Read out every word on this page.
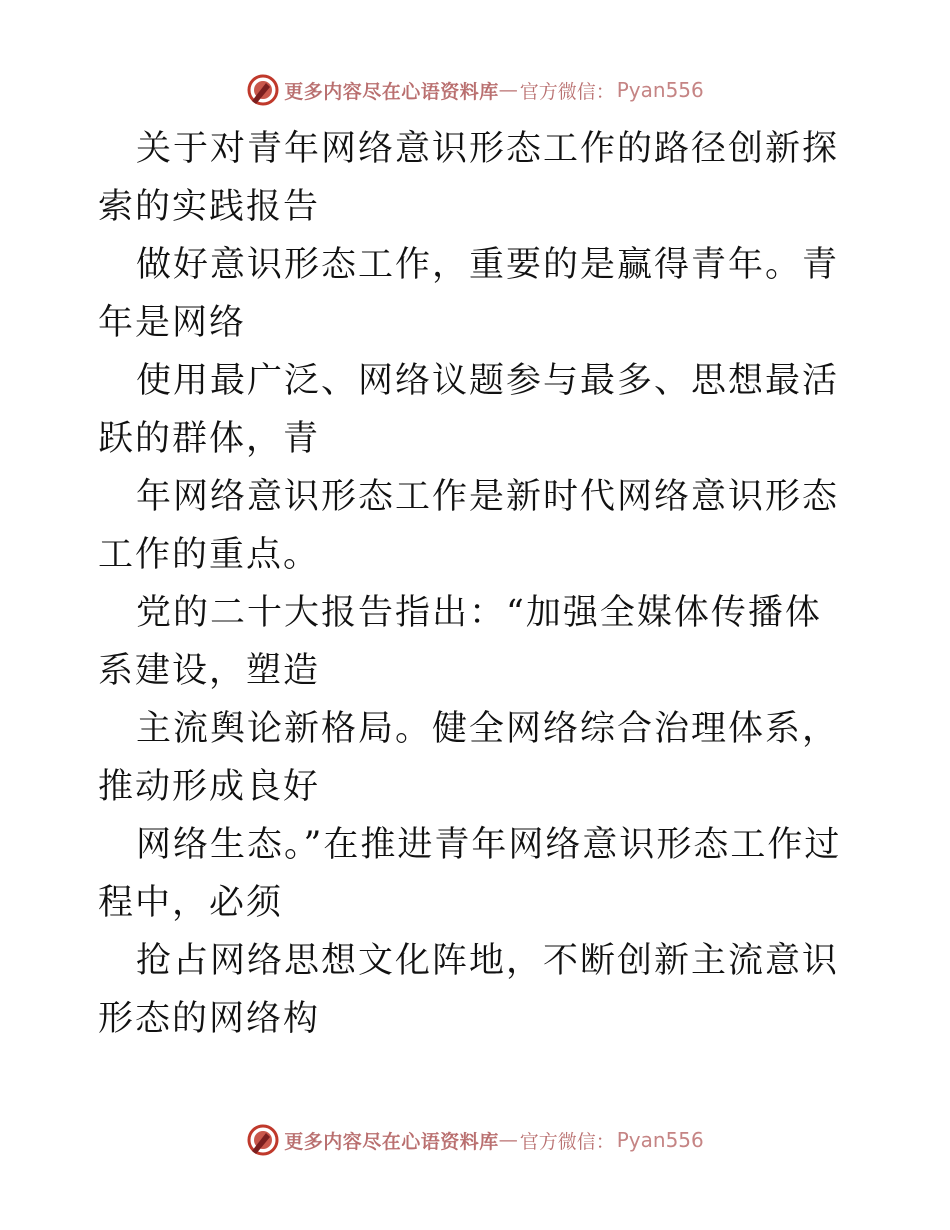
更多内容尽在心语资料库 — 官方微信： Pyan556

关于对青年网络意识形态工作的路径创新探索的实践报告

做好意识形态工作，重要的是赢得青年。青年是网络

使用最广泛、网络议题参与最多、思想最活跃的群体，青

年网络意识形态工作是新时代网络意识形态工作的重点。

党的二十大报告指出：“加强全媒体传播体系建设，塑造

主流舆论新格局。健全网络综合治理体系，推动形成良好

网络生态。”在推进青年网络意识形态工作过程中，必须

抢占网络思想文化阵地，不断创新主流意识形态的网络构

更多内容尽在心语资料库 — 官方微信： Pyan556
